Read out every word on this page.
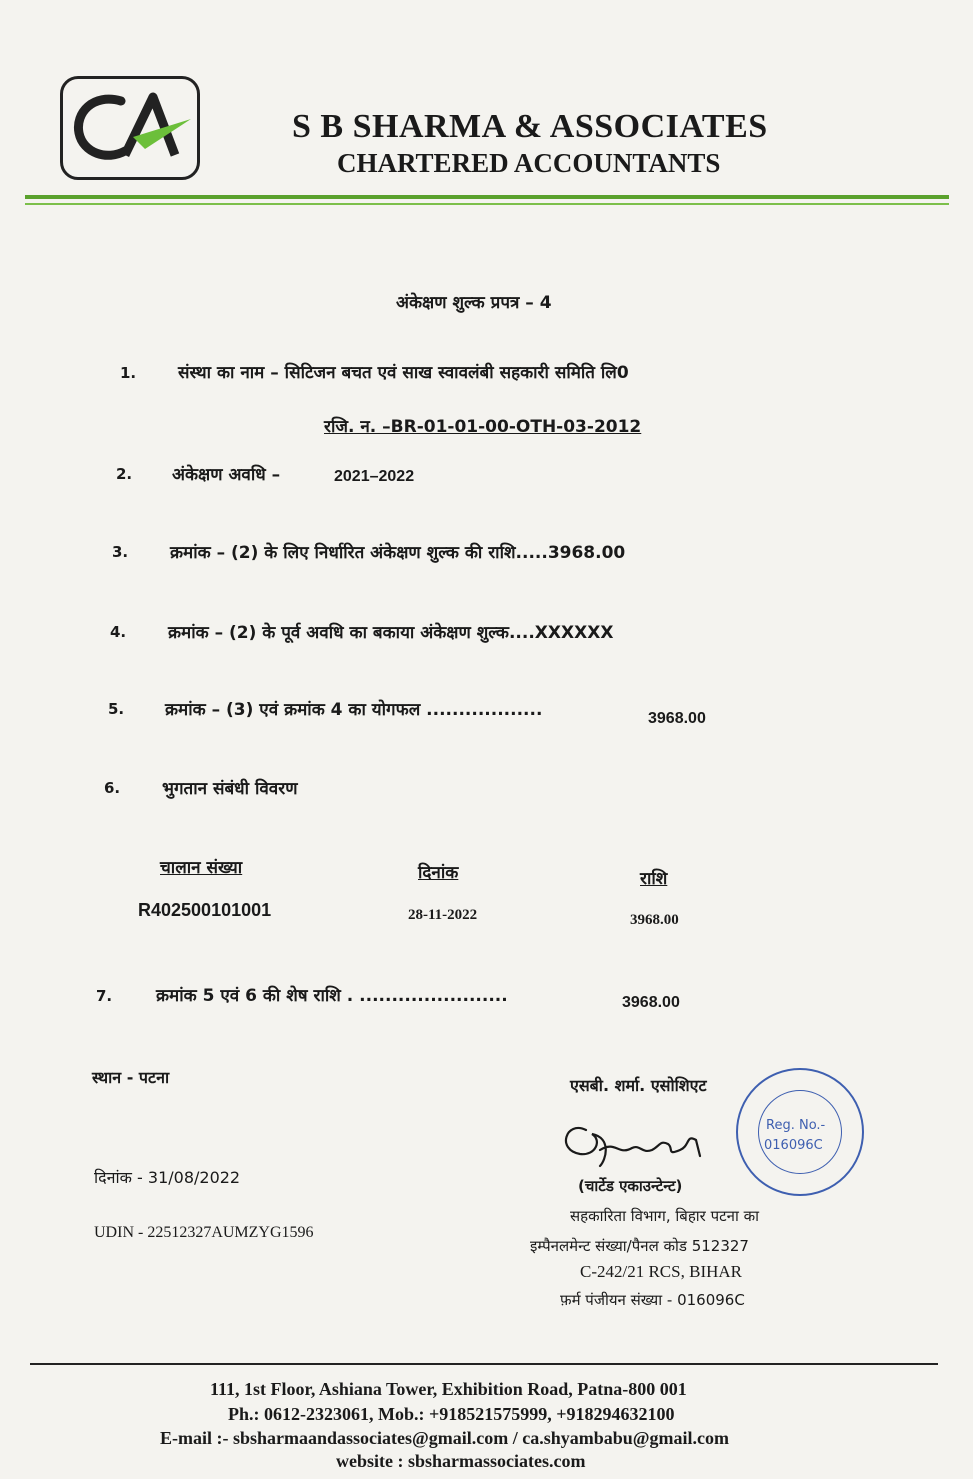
S B SHARMA & ASSOCIATES
CHARTERED ACCOUNTANTS
अंकेक्षण शुल्क प्रपत्र – 4
1. संस्था का नाम – सिटिजन बचत एवं साख स्वावलंबी सहकारी समिति लि0
रजि. न. –BR-01-01-00-OTH-03-2012
2. अंकेक्षण अवधि –	2021–2022
3. क्रमांक – (2) के लिए निर्धारित अंकेक्षण शुल्क की राशि.....3968.00
4. क्रमांक – (2) के पूर्व अवधि का बकाया अंकेक्षण शुल्क....XXXXXX
5. क्रमांक – (3) एवं क्रमांक 4 का योगफल ..................	3968.00
6. भुगतान संबंधी विवरण
चालान संख्या	दिनांक	राशि
R402500101001	28-11-2022	3968.00
7.	क्रमांक 5 एवं 6 की शेष राशि . .......................	3968.00
स्थान - पटना
दिनांक - 31/08/2022
UDIN - 22512327AUMZYG1596
एसबी. शर्मा. एसोशिएट
(चार्टेड एकाउन्टेन्ट)
सहकारिता विभाग, बिहार पटना का
इम्पैनलमेन्ट संख्या/पैनल कोड 512327
C-242/21 RCS, BIHAR
फ़र्म पंजीयन संख्या - 016096C
Reg. No.-
016096C
111, 1st Floor, Ashiana Tower, Exhibition Road, Patna-800 001
Ph.: 0612-2323061, Mob.: +918521575999, +918294632100
E-mail :- sbsharmaandassociates@gmail.com / ca.shyambabu@gmail.com
website : sbsharmassociates.com
